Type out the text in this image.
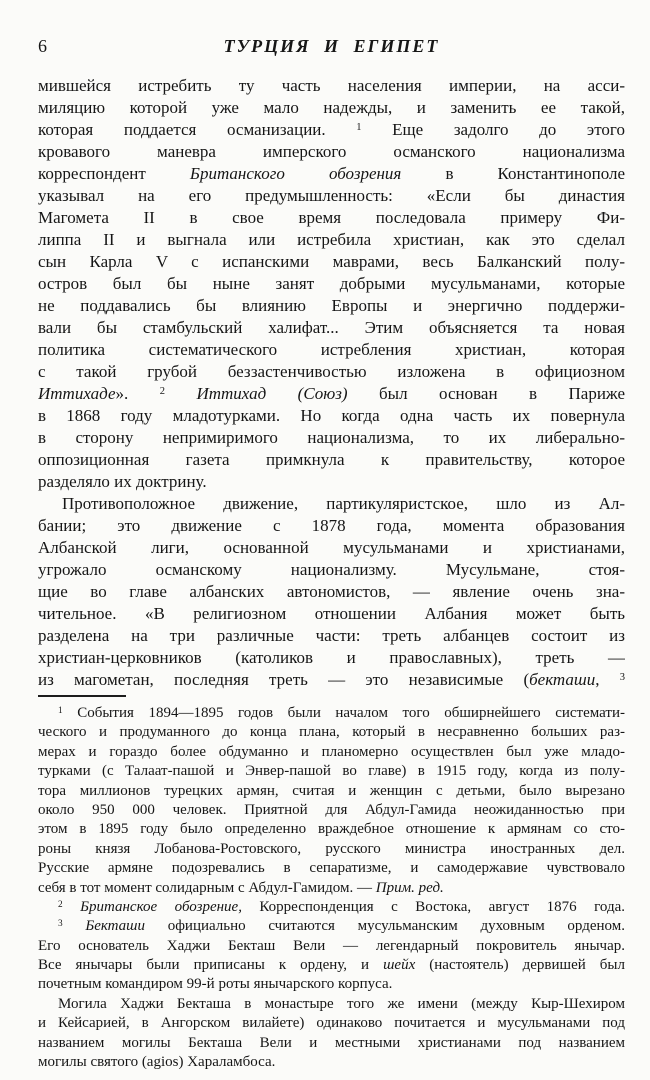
6	ТУРЦИЯ И ЕГИПЕТ
мившейся истребить ту часть населения империи, на асси-
миляцию которой уже мало надежды, и заменить ее такой,
которая поддается османизации. $^1$ Еще задолго до этого
кровавого маневра имперского османского национализма
корреспондент Британского обозрения в Константинополе
указывал на его предумышленность: «Если бы династия
Магомета II в свое время последовала примеру Фи-
липпа II и выгнала или истребила христиан, как это сделал
сын Карла V с испанскими маврами, весь Балканский полу-
остров был бы ныне занят добрыми мусульманами, которые
не поддавались бы влиянию Европы и энергично поддержи-
вали бы стамбульский халифат... Этим объясняется та новая
политика систематического истребления христиан, которая
с такой грубой беззастенчивостью изложена в официозном
Иттихаде». $^2$ Иттихад (Союз) был основан в Париже
в 1868 году младотурками. Но когда одна часть их повернула
в сторону непримиримого национализма, то их либерально-
оппозиционная газета примкнула к правительству, которое
разделяло их доктрину.
Противоположное движение, партикуляристское, шло из Ал-
бании; это движение с 1878 года, момента образования
Албанской лиги, основанной мусульманами и христианами,
угрожало османскому национализму. Мусульмане, стоя-
щие во главе албанских автономистов, — явление очень зна-
чительное. «В религиозном отношении Албания может быть
разделена на три различные части: треть албанцев состоит из
христиан-церковников (католиков и православных), треть —
из магометан, последняя треть — это независимые (бекташи, $^3$
$^1$ События 1894—1895 годов были началом того обширнейшего системати-
ческого и продуманного до конца плана, который в несравненно больших раз-
мерах и гораздо более обдуманно и планомерно осуществлен был уже младо-
турками (с Талаат-пашой и Энвер-пашой во главе) в 1915 году, когда из полу-
тора миллионов турецких армян, считая и женщин с детьми, было вырезано
около 950 000 человек. Приятной для Абдул-Гамида неожиданностью при
этом в 1895 году было определенно враждебное отношение к армянам со сто-
роны князя Лобанова-Ростовского, русского министра иностранных дел.
Русские армяне подозревались в сепаратизме, и самодержавие чувствовало
себя в тот момент солидарным с Абдул-Гамидом. — Прим. ред.
$^2$ Британское обозрение, Корреспонденция с Востока, август 1876 года.
$^3$ Бекташи официально считаются мусульманским духовным орденом.
Его основатель Хаджи Бекташ Вели — легендарный покровитель янычар.
Все янычары были приписаны к ордену, и шейх (настоятель) дервишей был
почетным командиром 99-й роты янычарского корпуса.
Могила Хаджи Бекташа в монастыре того же имени (между Кыр-Шехиром
и Кейсарией, в Ангорском вилайете) одинаково почитается и мусульманами под
названием могилы Бекташа Вели и местными христианами под названием
могилы святого (agios) Хараламбоса.
